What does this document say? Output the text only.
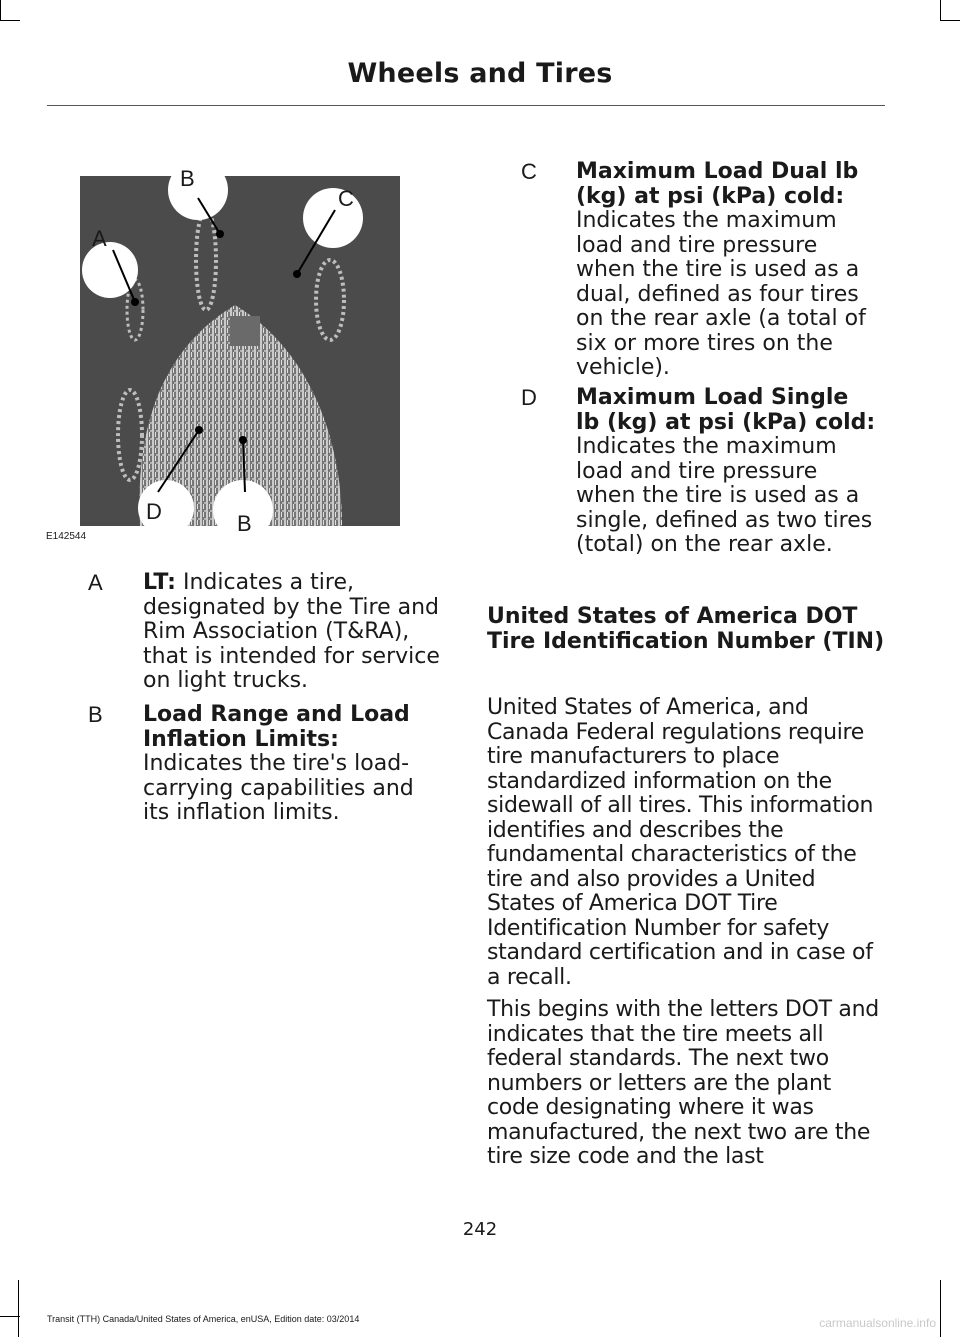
Wheels and Tires
A
B
C
D	B
E142544
A LT: Indicates a tire, designated by the Tire and Rim Association (T&RA), that is intended for service on light trucks.
B Load Range and Load Inflation Limits: Indicates the tire's load-carrying capabilities and its inflation limits.
C Maximum Load Dual lb (kg) at psi (kPa) cold: Indicates the maximum load and tire pressure when the tire is used as a dual, defined as four tires on the rear axle (a total of six or more tires on the vehicle).
D Maximum Load Single lb (kg) at psi (kPa) cold: Indicates the maximum load and tire pressure when the tire is used as a single, defined as two tires (total) on the rear axle.
United States of America DOT Tire Identification Number (TIN)
United States of America, and Canada Federal regulations require tire manufacturers to place standardized information on the sidewall of all tires. This information identifies and describes the fundamental characteristics of the tire and also provides a United States of America DOT Tire Identification Number for safety standard certification and in case of a recall.
This begins with the letters DOT and indicates that the tire meets all federal standards. The next two numbers or letters are the plant code designating where it was manufactured, the next two are the tire size code and the last
242
Transit (TTH) Canada/United States of America, enUSA, Edition date: 03/2014	carmanualsonline.info
